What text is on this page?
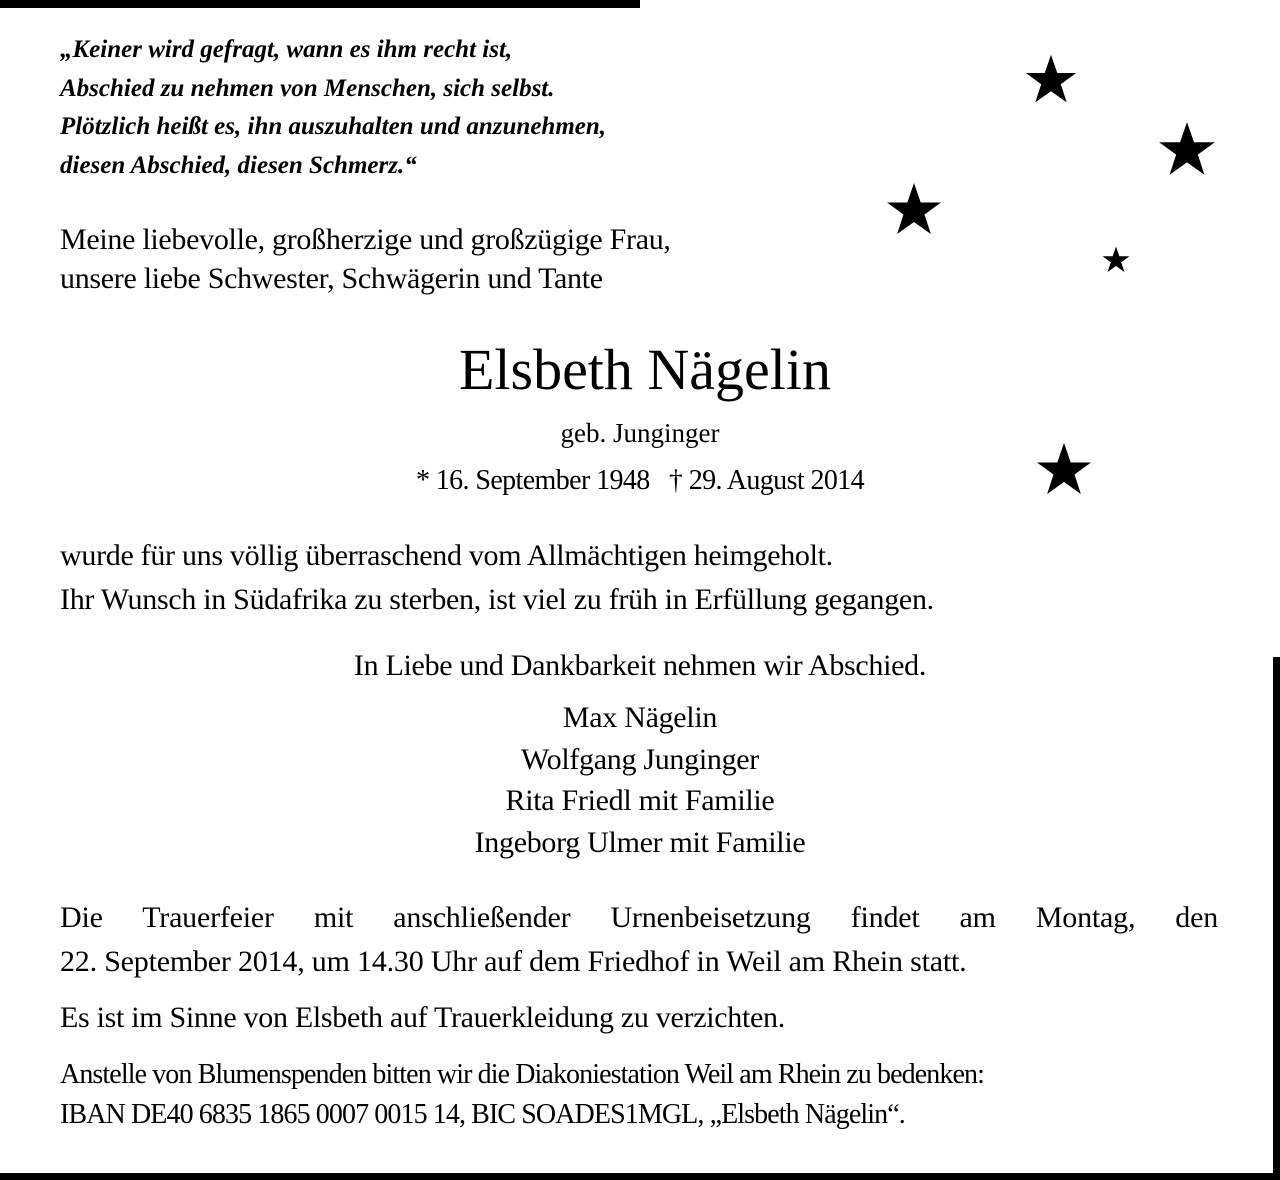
„Keiner wird gefragt, wann es ihm recht ist,
Abschied zu nehmen von Menschen, sich selbst.
Plötzlich heißt es, ihn auszuhalten und anzunehmen,
diesen Abschied, diesen Schmerz.“
Meine liebevolle, großherzige und großzügige Frau,
unsere liebe Schwester, Schwägerin und Tante
Elsbeth Nägelin
geb. Junginger
* 16. September 1948   † 29. August 2014
wurde für uns völlig überraschend vom Allmächtigen heimgeholt.
Ihr Wunsch in Südafrika zu sterben, ist viel zu früh in Erfüllung gegangen.
In Liebe und Dankbarkeit nehmen wir Abschied.
Max Nägelin
Wolfgang Junginger
Rita Friedl mit Familie
Ingeborg Ulmer mit Familie
Die Trauerfeier mit anschließender Urnenbeisetzung findet am Montag, den
22. September 2014, um 14.30 Uhr auf dem Friedhof in Weil am Rhein statt.
Es ist im Sinne von Elsbeth auf Trauerkleidung zu verzichten.
Anstelle von Blumenspenden bitten wir die Diakoniestation Weil am Rhein zu bedenken:
IBAN DE40 6835 1865 0007 0015 14, BIC SOADES1MGL, „Elsbeth Nägelin“.
